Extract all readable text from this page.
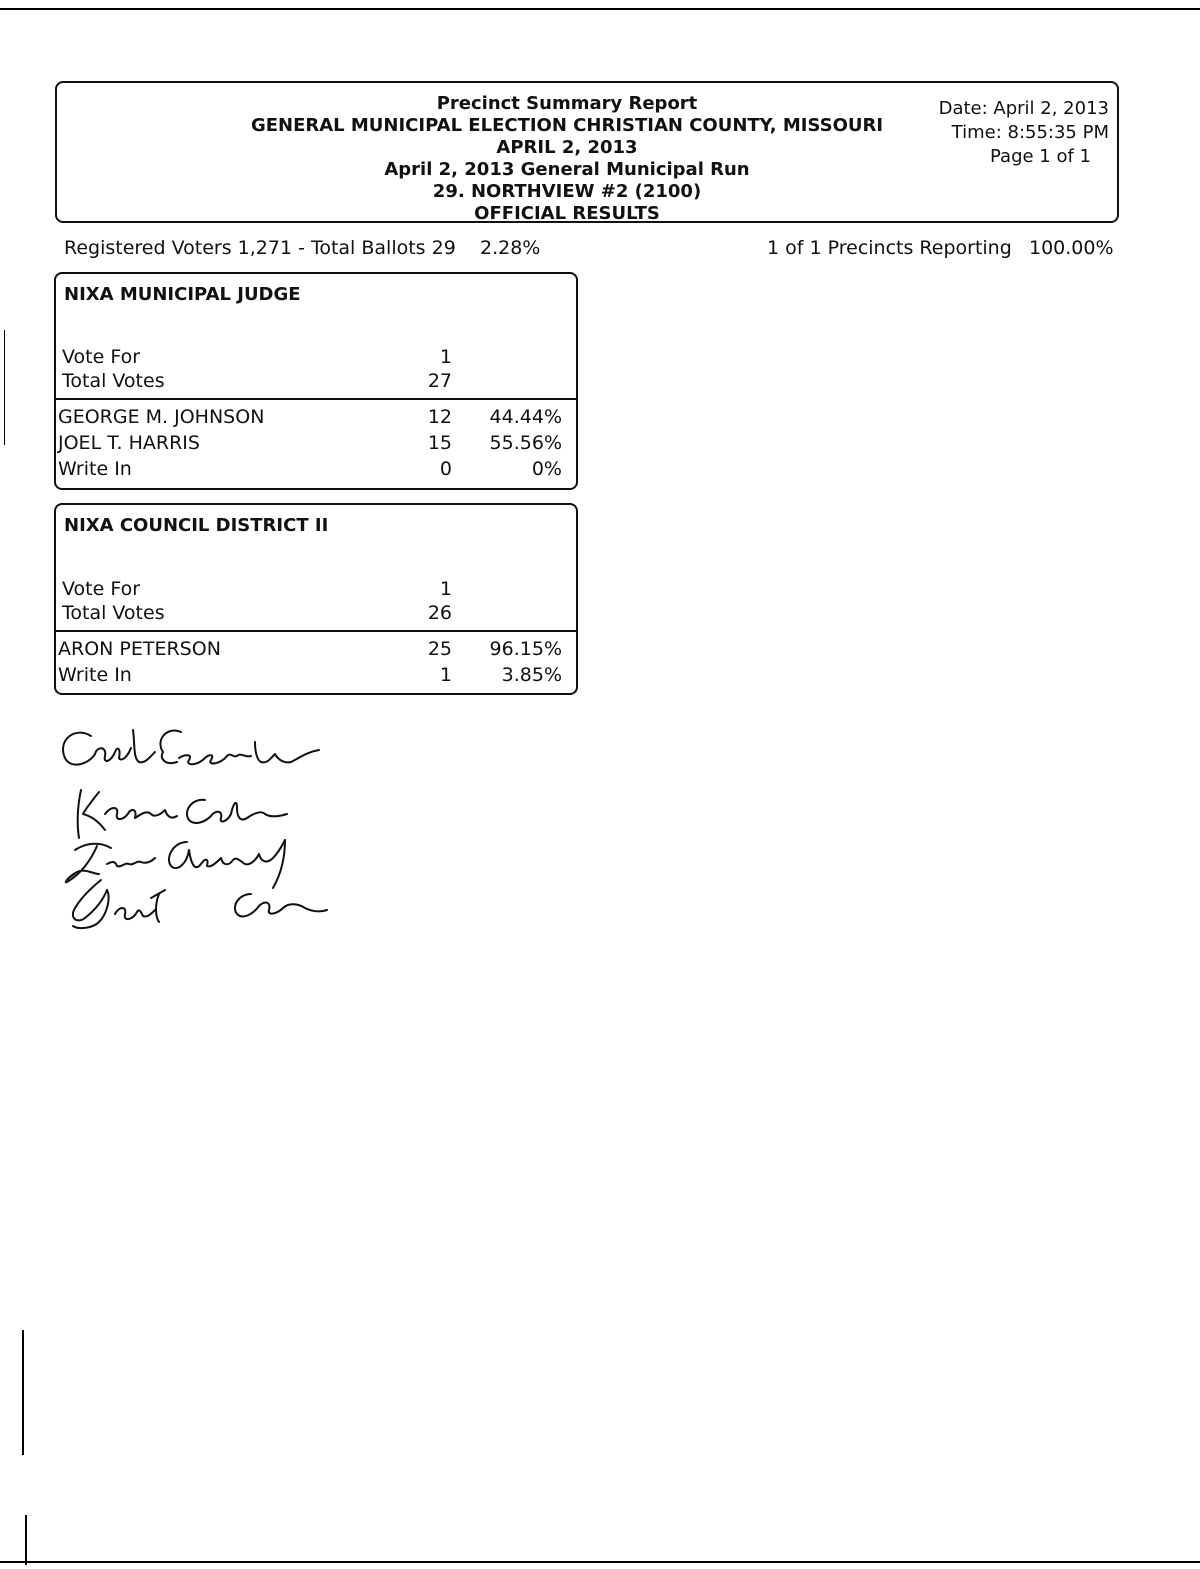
Precinct Summary Report
GENERAL MUNICIPAL ELECTION CHRISTIAN COUNTY, MISSOURI
APRIL 2, 2013
April 2, 2013 General Municipal Run
29. NORTHVIEW #2 (2100)
OFFICIAL RESULTS
Date: April 2, 2013
Time: 8:55:35 PM
Page 1 of 1
Registered Voters 1,271 - Total Ballots 29 2.28%	1 of 1 Precincts Reporting 100.00%
NIXA MUNICIPAL JUDGE
Vote For	1
Total Votes	27
GEORGE M. JOHNSON	12 44.44%
JOEL T. HARRIS	15 55.56%
Write In	0	0%
NIXA COUNCIL DISTRICT II
Vote For	1
Total Votes	26
ARON PETERSON	25 96.15%
Write In	1	3.85%
